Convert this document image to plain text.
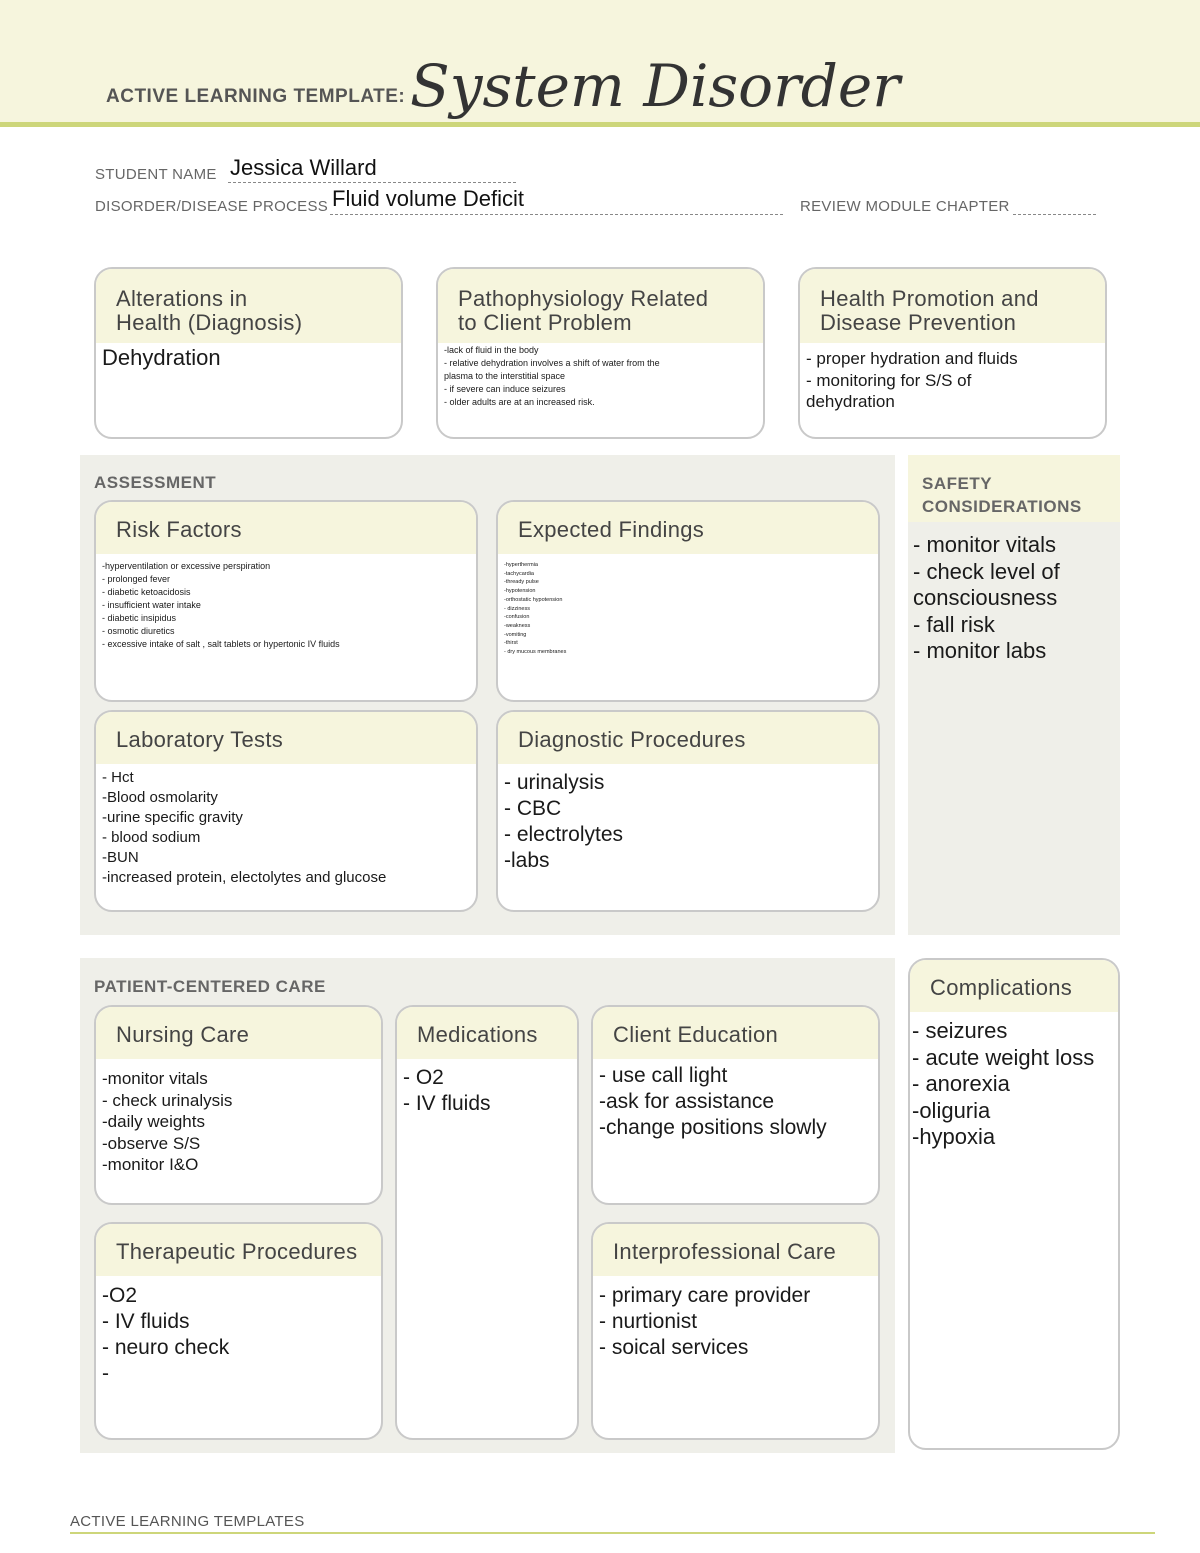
ACTIVE LEARNING TEMPLATE: System Disorder
STUDENT NAME Jessica Willard
DISORDER/DISEASE PROCESS Fluid volume Deficit	REVIEW MODULE CHAPTER
Alterations in
Health (Diagnosis)
Dehydration
Pathophysiology Related
to Client Problem
-lack of fluid in the body
- relative dehydration involves a shift of water from the
plasma to the interstitial space
- if severe can induce seizures
- older adults are at an increased risk.
Health Promotion and
Disease Prevention
- proper hydration and fluids
- monitoring for S/S of
dehydration
ASSESSMENT
Risk Factors
-hyperventilation or excessive perspiration
- prolonged fever
- diabetic ketoacidosis
- insufficient water intake
- diabetic insipidus
- osmotic diuretics
- excessive intake of salt , salt tablets or hypertonic IV fluids
Expected Findings
-hyperthermia
-tachycardia
-thready pulse
-hypotension
-orthostatic hypotension
- dizziness
-confusion
-weakness
-vomiting
-thirst
- dry mucous membranes
Laboratory Tests
- Hct
-Blood osmolarity
-urine specific gravity
- blood sodium
-BUN
-increased protein, electolytes and glucose
Diagnostic Procedures
- urinalysis
- CBC
- electrolytes
-labs
SAFETY
CONSIDERATIONS
- monitor vitals
- check level of
consciousness
- fall risk
- monitor labs
PATIENT-CENTERED CARE
Nursing Care
-monitor vitals
- check urinalysis
-daily weights
-observe S/S
-monitor I&O
Medications
- O2
- IV fluids
Client Education
- use call light
-ask for assistance
-change positions slowly
Therapeutic Procedures
-O2
- IV fluids
- neuro check
-
Interprofessional Care
- primary care provider
- nurtionist
- soical services
Complications
- seizures
- acute weight loss
- anorexia
-oliguria
-hypoxia
ACTIVE LEARNING TEMPLATES
